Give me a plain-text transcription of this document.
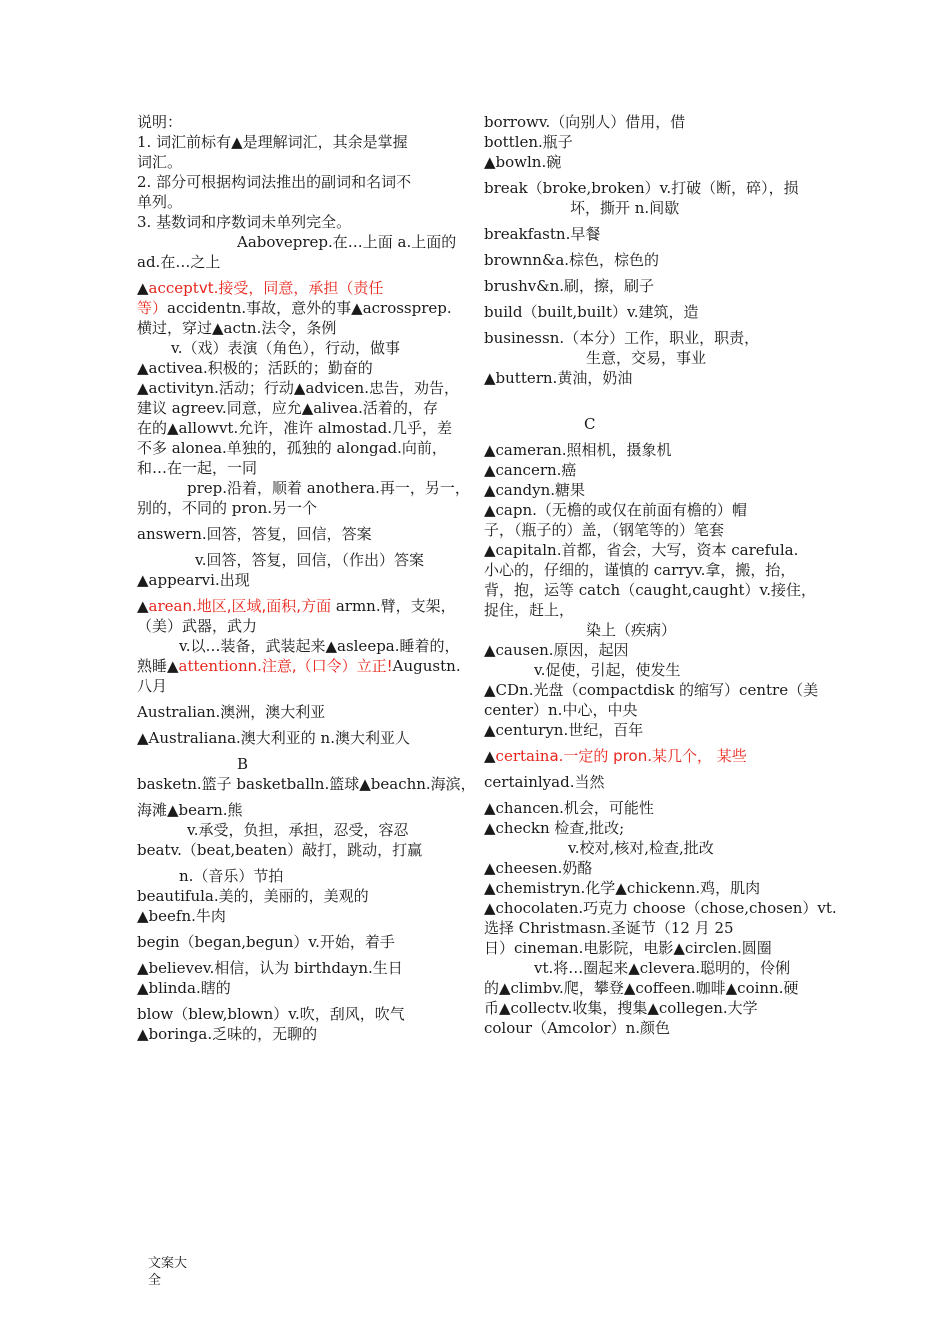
说明：
1. 词汇前标有▲是理解词汇，其余是掌握
词汇。
2. 部分可根据构词法推出的副词和名词不
单列。
3. 基数词和序数词未单列完全。
Aaboveprep.在…上面 a.上面的
ad.在…之上
▲acceptvt.接受，同意，承担（责任
等）accidentn.事故，意外的事▲acrossprep.
横过，穿过▲actn.法令，条例
v.（戏）表演（角色），行动，做事
▲activea.积极的；活跃的；勤奋的
▲activityn.活动；行动▲advicen.忠告，劝告，
建议 agreev.同意，应允▲alivea.活着的，存
在的▲allowvt.允许，准许 almostad.几乎，差
不多 alonea.单独的，孤独的 alongad.向前，
和…在一起，一同
prep.沿着，顺着 anothera.再一，另一，
别的，不同的 pron.另一个
answern.回答，答复，回信，答案
v.回答，答复，回信，（作出）答案
▲appearvi.出现
▲arean.地区,区域,面积,方面 armn.臂，支架，
（美）武器，武力
v.以…装备，武装起来▲asleepa.睡着的，
熟睡▲attentionn.注意,（口令）立正!Augustn.
八月
Australian.澳洲，澳大利亚
▲Australiana.澳大利亚的 n.澳大利亚人
B
basketn.篮子 basketballn.篮球▲beachn.海滨，
海滩▲bearn.熊
v.承受，负担，承担，忍受，容忍
beatv.（beat,beaten）敲打，跳动，打赢
n.（音乐）节拍
beautifula.美的，美丽的，美观的
▲beefn.牛肉
begin（began,begun）v.开始，着手
▲believev.相信，认为 birthdayn.生日
▲blinda.瞎的
blow（blew,blown）v.吹，刮风，吹气
▲boringa.乏味的，无聊的
borrowv.（向别人）借用，借
bottlen.瓶子
▲bowln.碗
break（broke,broken）v.打破（断，碎），损
坏，撕开 n.间歇
breakfastn.早餐
brownn&a.棕色，棕色的
brushv&n.刷，擦，刷子
build（built,built）v.建筑，造
businessn.（本分）工作，职业，职责，
生意，交易，事业
▲buttern.黄油，奶油
C
▲cameran.照相机，摄象机
▲cancern.癌
▲candyn.糖果
▲capn.（无檐的或仅在前面有檐的）帽
子，（瓶子的）盖，（钢笔等的）笔套
▲capitaln.首都，省会，大写，资本 carefula.
小心的，仔细的，谨慎的 carryv.拿，搬，抬，
背，抱，运等 catch（caught,caught）v.接住，
捉住，赶上，
染上（疾病）
▲causen.原因，起因
v.促使，引起，使发生
▲CDn.光盘（compactdisk 的缩写）centre（美
center）n.中心，中央
▲centuryn.世纪，百年
▲certaina.一定的 pron.某几个， 某些
certainlyad.当然
▲chancen.机会，可能性
▲checkn 检查,批改;
v.校对,核对,检查,批改
▲cheesen.奶酪
▲chemistryn.化学▲chickenn.鸡，肌肉
▲chocolaten.巧克力 choose（chose,chosen）vt.
选择 Christmasn.圣诞节（12 月 25
日）cineman.电影院，电影▲circlen.圆圈
vt.将…圈起来▲clevera.聪明的，伶俐
的▲climbv.爬，攀登▲coffeen.咖啡▲coinn.硬
币▲collectv.收集，搜集▲collegen.大学
colour（Amcolor）n.颜色
文案大
全
